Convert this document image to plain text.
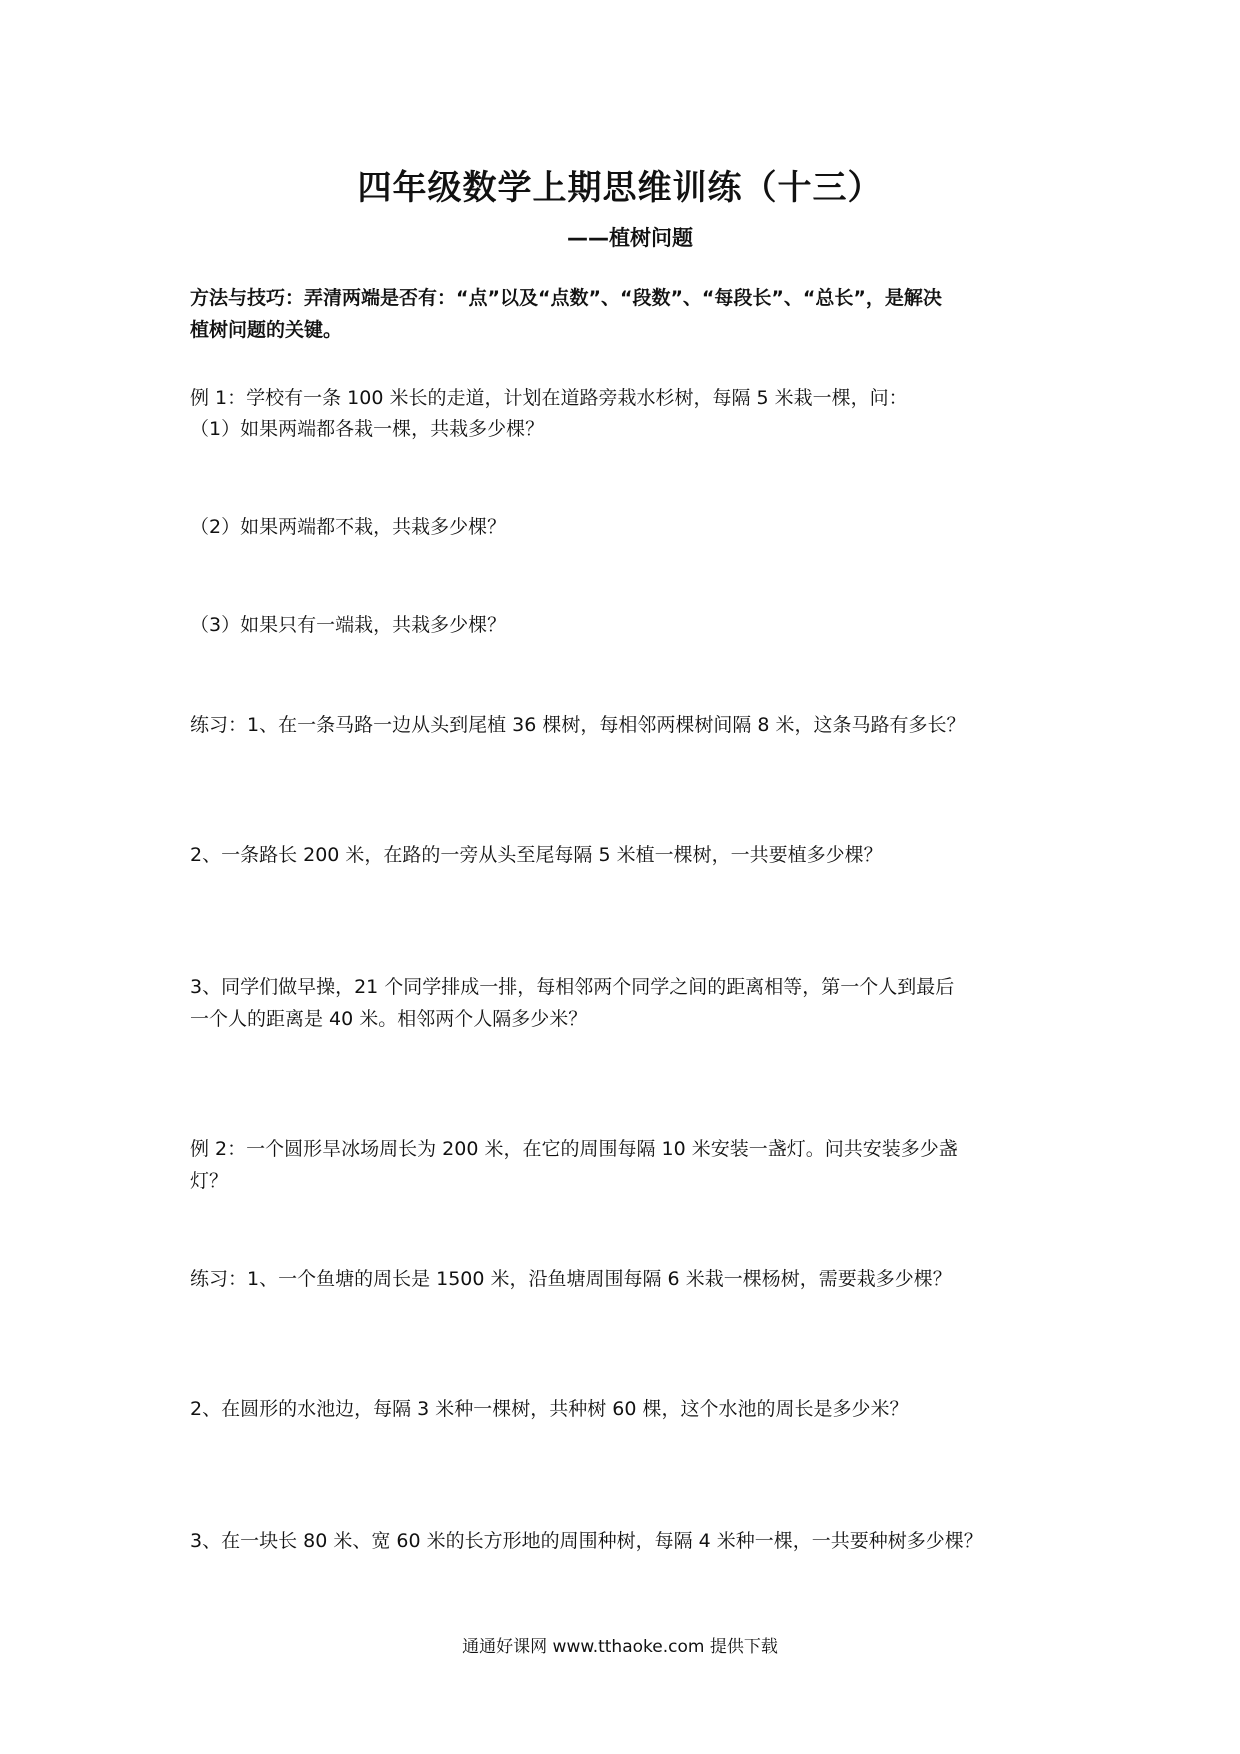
四年级数学上期思维训练（十三）
——植树问题
方法与技巧：弄清两端是否有：“点”以及“点数”、“段数”、“每段长”、“总长”，是解决
植树问题的关键。
例 1：学校有一条 100 米长的走道，计划在道路旁栽水杉树，每隔 5 米栽一棵，问：
（1）如果两端都各栽一棵，共栽多少棵？
（2）如果两端都不栽，共栽多少棵？
（3）如果只有一端栽，共栽多少棵？
练习：1、在一条马路一边从头到尾植 36 棵树，每相邻两棵树间隔 8 米，这条马路有多长？
2、一条路长 200 米，在路的一旁从头至尾每隔 5 米植一棵树，一共要植多少棵？
3、同学们做早操，21 个同学排成一排，每相邻两个同学之间的距离相等，第一个人到最后
一个人的距离是 40 米。相邻两个人隔多少米？
例 2：一个圆形旱冰场周长为 200 米，在它的周围每隔 10 米安装一盏灯。问共安装多少盏
灯？
练习：1、一个鱼塘的周长是 1500 米，沿鱼塘周围每隔 6 米栽一棵杨树，需要栽多少棵？
2、在圆形的水池边，每隔 3 米种一棵树，共种树 60 棵，这个水池的周长是多少米？
3、在一块长 80 米、宽 60 米的长方形地的周围种树，每隔 4 米种一棵，一共要种树多少棵？
通通好课网 www.tthaoke.com 提供下载
